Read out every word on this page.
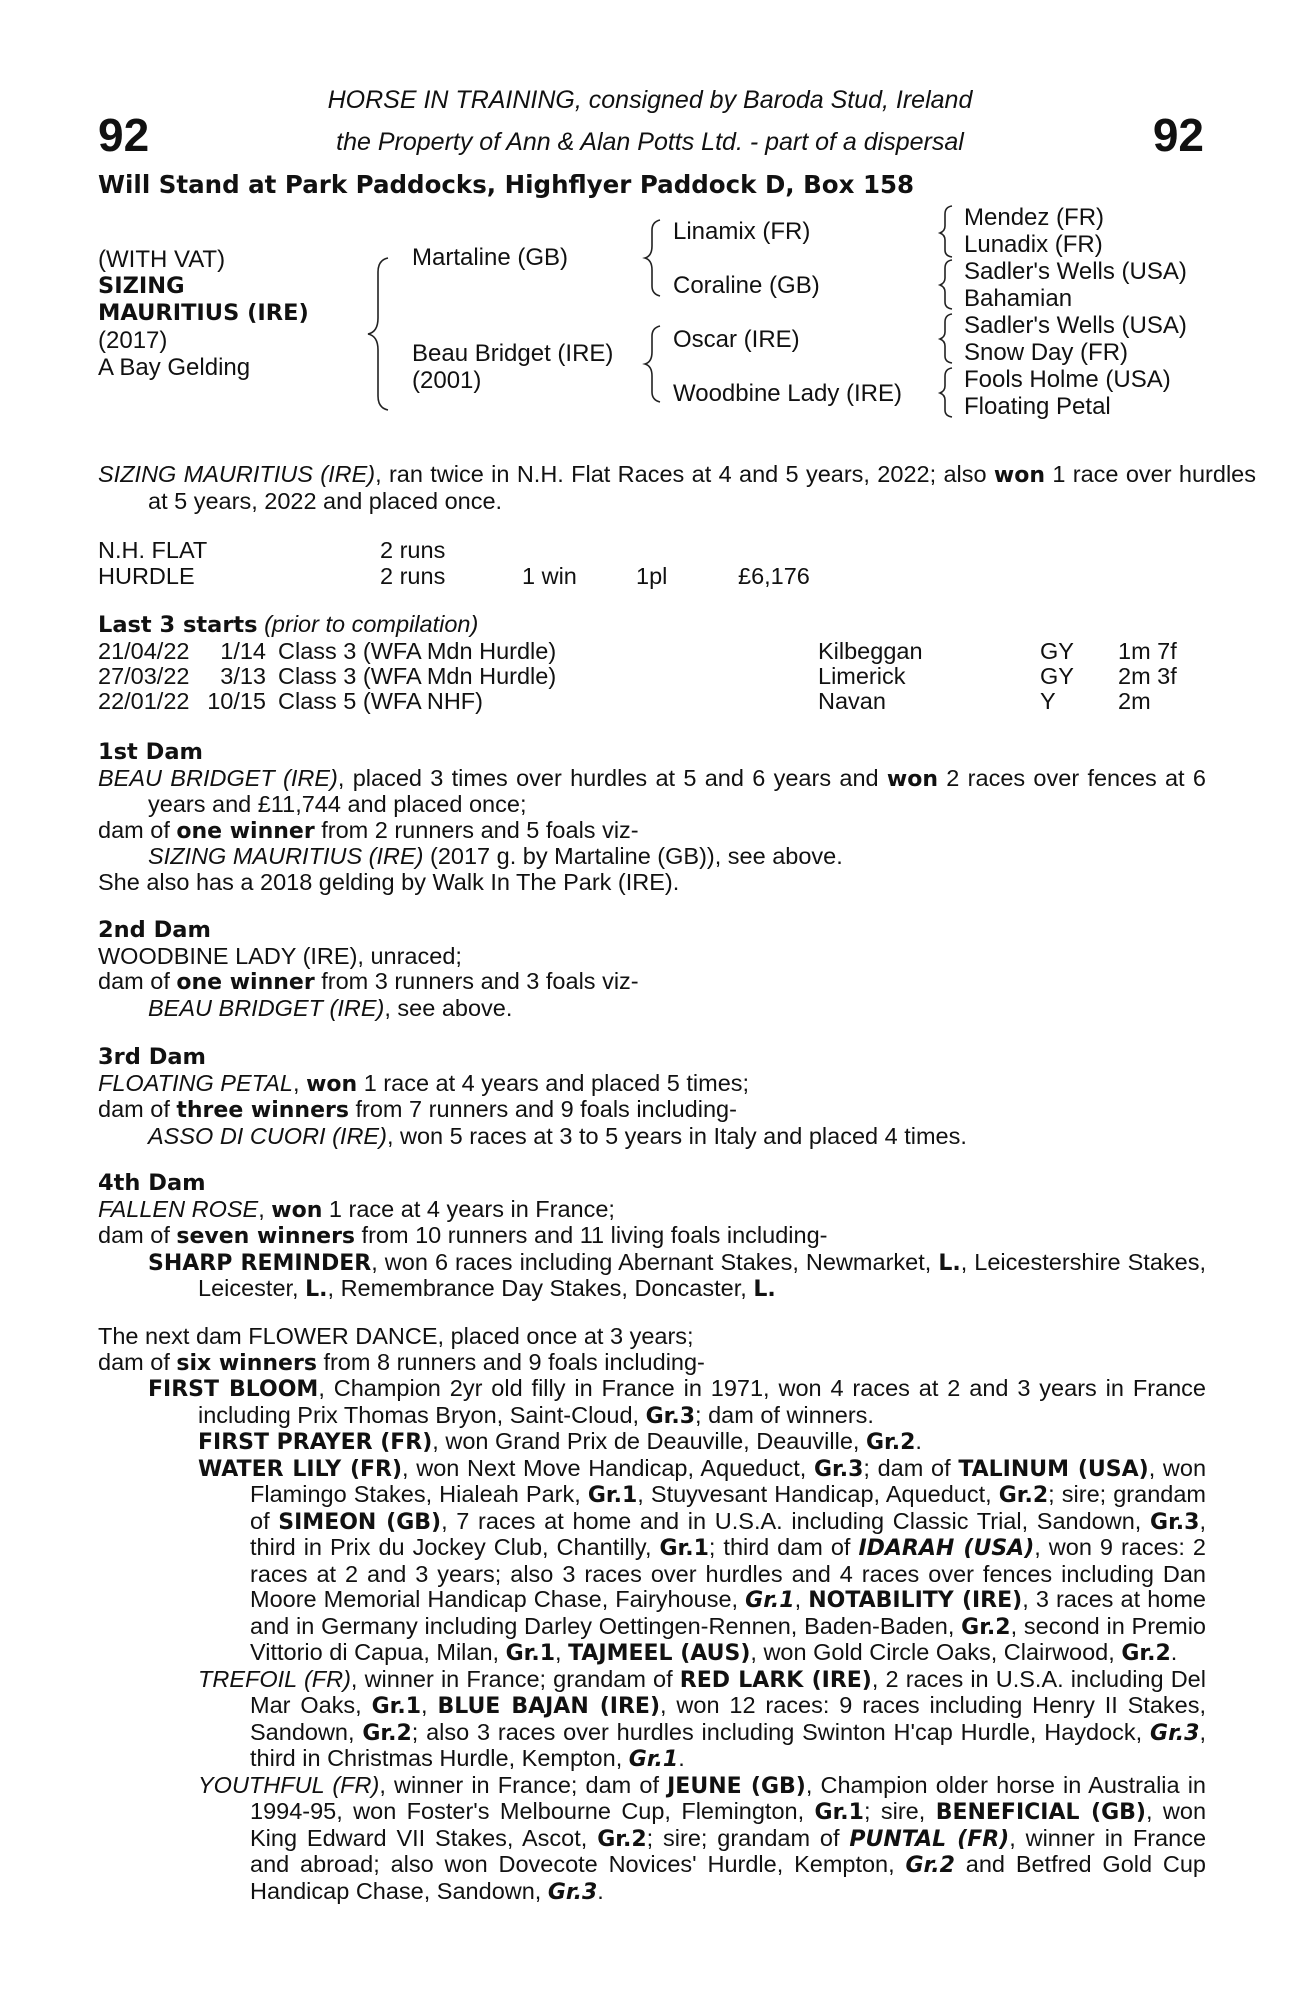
92	92
HORSE IN TRAINING, consigned by Baroda Stud, Ireland
the Property of Ann & Alan Potts Ltd. - part of a dispersal
Will Stand at Park Paddocks, Highflyer Paddock D, Box 158
(WITH VAT)
SIZING
MAURITIUS (IRE)
(2017)
A Bay Gelding
Martaline (GB)
Beau Bridget (IRE)
(2001)
Linamix (FR)
Coraline (GB)
Oscar (IRE)
Woodbine Lady (IRE)
Mendez (FR)
Lunadix (FR)
Sadler's Wells (USA)
Bahamian
Sadler's Wells (USA)
Snow Day (FR)
Fools Holme (USA)
Floating Petal
SIZING MAURITIUS (IRE), ran twice in N.H. Flat Races at 4 and 5 years, 2022; also won 1 race over hurdles at 5 years, 2022 and placed once.
N.H. FLAT	2 runs			
HURDLE	2 runs	1 win	1pl	£6,176
Last 3 starts (prior to compilation)
21/04/22	1/14	Class 3 (WFA Mdn Hurdle)	Kilbeggan	GY	1m 7f
27/03/22	3/13	Class 3 (WFA Mdn Hurdle)	Limerick	GY	2m 3f
22/01/22	10/15	Class 5 (WFA NHF)	Navan	Y	2m
1st Dam
BEAU BRIDGET (IRE), placed 3 times over hurdles at 5 and 6 years and won 2 races over fences at 6 years and £11,744 and placed once;
dam of one winner from 2 runners and 5 foals viz-
SIZING MAURITIUS (IRE) (2017 g. by Martaline (GB)), see above.
She also has a 2018 gelding by Walk In The Park (IRE).
2nd Dam
WOODBINE LADY (IRE), unraced;
dam of one winner from 3 runners and 3 foals viz-
BEAU BRIDGET (IRE), see above.
3rd Dam
FLOATING PETAL, won 1 race at 4 years and placed 5 times;
dam of three winners from 7 runners and 9 foals including-
ASSO DI CUORI (IRE), won 5 races at 3 to 5 years in Italy and placed 4 times.
4th Dam
FALLEN ROSE, won 1 race at 4 years in France;
dam of seven winners from 10 runners and 11 living foals including-
SHARP REMINDER, won 6 races including Abernant Stakes, Newmarket, L., Leicestershire Stakes, Leicester, L., Remembrance Day Stakes, Doncaster, L.
The next dam FLOWER DANCE, placed once at 3 years;
dam of six winners from 8 runners and 9 foals including-
FIRST BLOOM, Champion 2yr old filly in France in 1971, won 4 races at 2 and 3 years in France including Prix Thomas Bryon, Saint-Cloud, Gr.3; dam of winners.
FIRST PRAYER (FR), won Grand Prix de Deauville, Deauville, Gr.2.
WATER LILY (FR), won Next Move Handicap, Aqueduct, Gr.3; dam of TALINUM (USA), won Flamingo Stakes, Hialeah Park, Gr.1, Stuyvesant Handicap, Aqueduct, Gr.2; sire; grandam of SIMEON (GB), 7 races at home and in U.S.A. including Classic Trial, Sandown, Gr.3, third in Prix du Jockey Club, Chantilly, Gr.1; third dam of IDARAH (USA), won 9 races: 2 races at 2 and 3 years; also 3 races over hurdles and 4 races over fences including Dan Moore Memorial Handicap Chase, Fairyhouse, Gr.1, NOTABILITY (IRE), 3 races at home and in Germany including Darley Oettingen-Rennen, Baden-Baden, Gr.2, second in Premio Vittorio di Capua, Milan, Gr.1, TAJMEEL (AUS), won Gold Circle Oaks, Clairwood, Gr.2.
TREFOIL (FR), winner in France; grandam of RED LARK (IRE), 2 races in U.S.A. including Del Mar Oaks, Gr.1, BLUE BAJAN (IRE), won 12 races: 9 races including Henry II Stakes, Sandown, Gr.2; also 3 races over hurdles including Swinton H'cap Hurdle, Haydock, Gr.3, third in Christmas Hurdle, Kempton, Gr.1.
YOUTHFUL (FR), winner in France; dam of JEUNE (GB), Champion older horse in Australia in 1994-95, won Foster's Melbourne Cup, Flemington, Gr.1; sire, BENEFICIAL (GB), won King Edward VII Stakes, Ascot, Gr.2; sire; grandam of PUNTAL (FR), winner in France and abroad; also won Dovecote Novices' Hurdle, Kempton, Gr.2 and Betfred Gold Cup Handicap Chase, Sandown, Gr.3.
